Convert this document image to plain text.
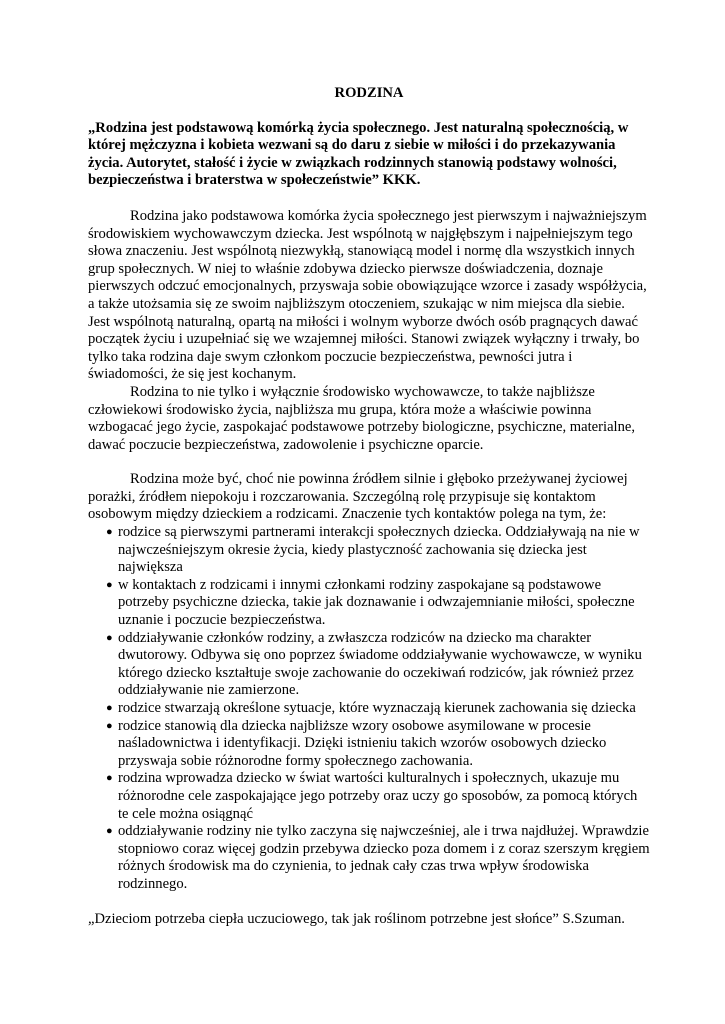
RODZINA

„Rodzina jest podstawową komórką życia społecznego. Jest naturalną społecznością, w której mężczyzna i kobieta wezwani są do daru z siebie w miłości i do przekazywania życia. Autorytet, stałość i życie w związkach rodzinnych stanowią podstawy wolności, bezpieczeństwa i braterstwa w społeczeństwie” KKK.

Rodzina jako podstawowa komórka życia społecznego jest pierwszym i najważniejszym środowiskiem wychowawczym dziecka. Jest wspólnotą w najgłębszym i najpełniejszym tego słowa znaczeniu. Jest wspólnotą niezwykłą, stanowiącą model i normę dla wszystkich innych grup społecznych. W niej to właśnie zdobywa dziecko pierwsze doświadczenia, doznaje pierwszych odczuć emocjonalnych, przyswaja sobie obowiązujące wzorce i zasady współżycia, a także utożsamia się ze swoim najbliższym otoczeniem, szukając w nim miejsca dla siebie. Jest wspólnotą naturalną, opartą na miłości i wolnym wyborze dwóch osób pragnących dawać początek życiu i uzupełniać się we wzajemnej miłości. Stanowi związek wyłączny i trwały, bo tylko taka rodzina daje swym członkom poczucie bezpieczeństwa, pewności jutra i świadomości, że się jest kochanym.

Rodzina to nie tylko i wyłącznie środowisko wychowawcze, to także najbliższe człowiekowi środowisko życia, najbliższa mu grupa, która może a właściwie powinna wzbogacać jego życie, zaspokajać podstawowe potrzeby biologiczne, psychiczne, materialne, dawać poczucie bezpieczeństwa, zadowolenie i psychiczne oparcie.

Rodzina może być, choć nie powinna źródłem silnie i głęboko przeżywanej życiowej porażki, źródłem niepokoju i rozczarowania. Szczególną rolę przypisuje się kontaktom osobowym między dzieckiem a rodzicami. Znaczenie tych kontaktów polega na tym, że:

● rodzice są pierwszymi partnerami interakcji społecznych dziecka. Oddziaływają na nie w najwcześniejszym okresie życia, kiedy plastyczność zachowania się dziecka jest największa
● w kontaktach z rodzicami i innymi członkami rodziny zaspokajane są podstawowe potrzeby psychiczne dziecka, takie jak doznawanie i odwzajemnianie miłości, społeczne uznanie i poczucie bezpieczeństwa.
● oddziaływanie członków rodziny, a zwłaszcza rodziców na dziecko ma charakter dwutorowy. Odbywa się ono poprzez świadome oddziaływanie wychowawcze, w wyniku którego dziecko kształtuje swoje zachowanie do oczekiwań rodziców, jak również przez oddziaływanie nie zamierzone.
● rodzice stwarzają określone sytuacje, które wyznaczają kierunek zachowania się dziecka
● rodzice stanowią dla dziecka najbliższe wzory osobowe asymilowane w procesie naśladownictwa i identyfikacji. Dzięki istnieniu takich wzorów osobowych dziecko przyswaja sobie różnorodne formy społecznego zachowania.
● rodzina wprowadza dziecko w świat wartości kulturalnych i społecznych, ukazuje mu różnorodne cele zaspokajające jego potrzeby oraz uczy go sposobów, za pomocą których te cele można osiągnąć
● oddziaływanie rodziny nie tylko zaczyna się najwcześniej, ale i trwa najdłużej. Wprawdzie stopniowo coraz więcej godzin przebywa dziecko poza domem i z coraz szerszym kręgiem różnych środowisk ma do czynienia, to jednak cały czas trwa wpływ środowiska rodzinnego.

„Dzieciom potrzeba ciepła uczuciowego, tak jak roślinom potrzebne jest słońce” S.Szuman.
